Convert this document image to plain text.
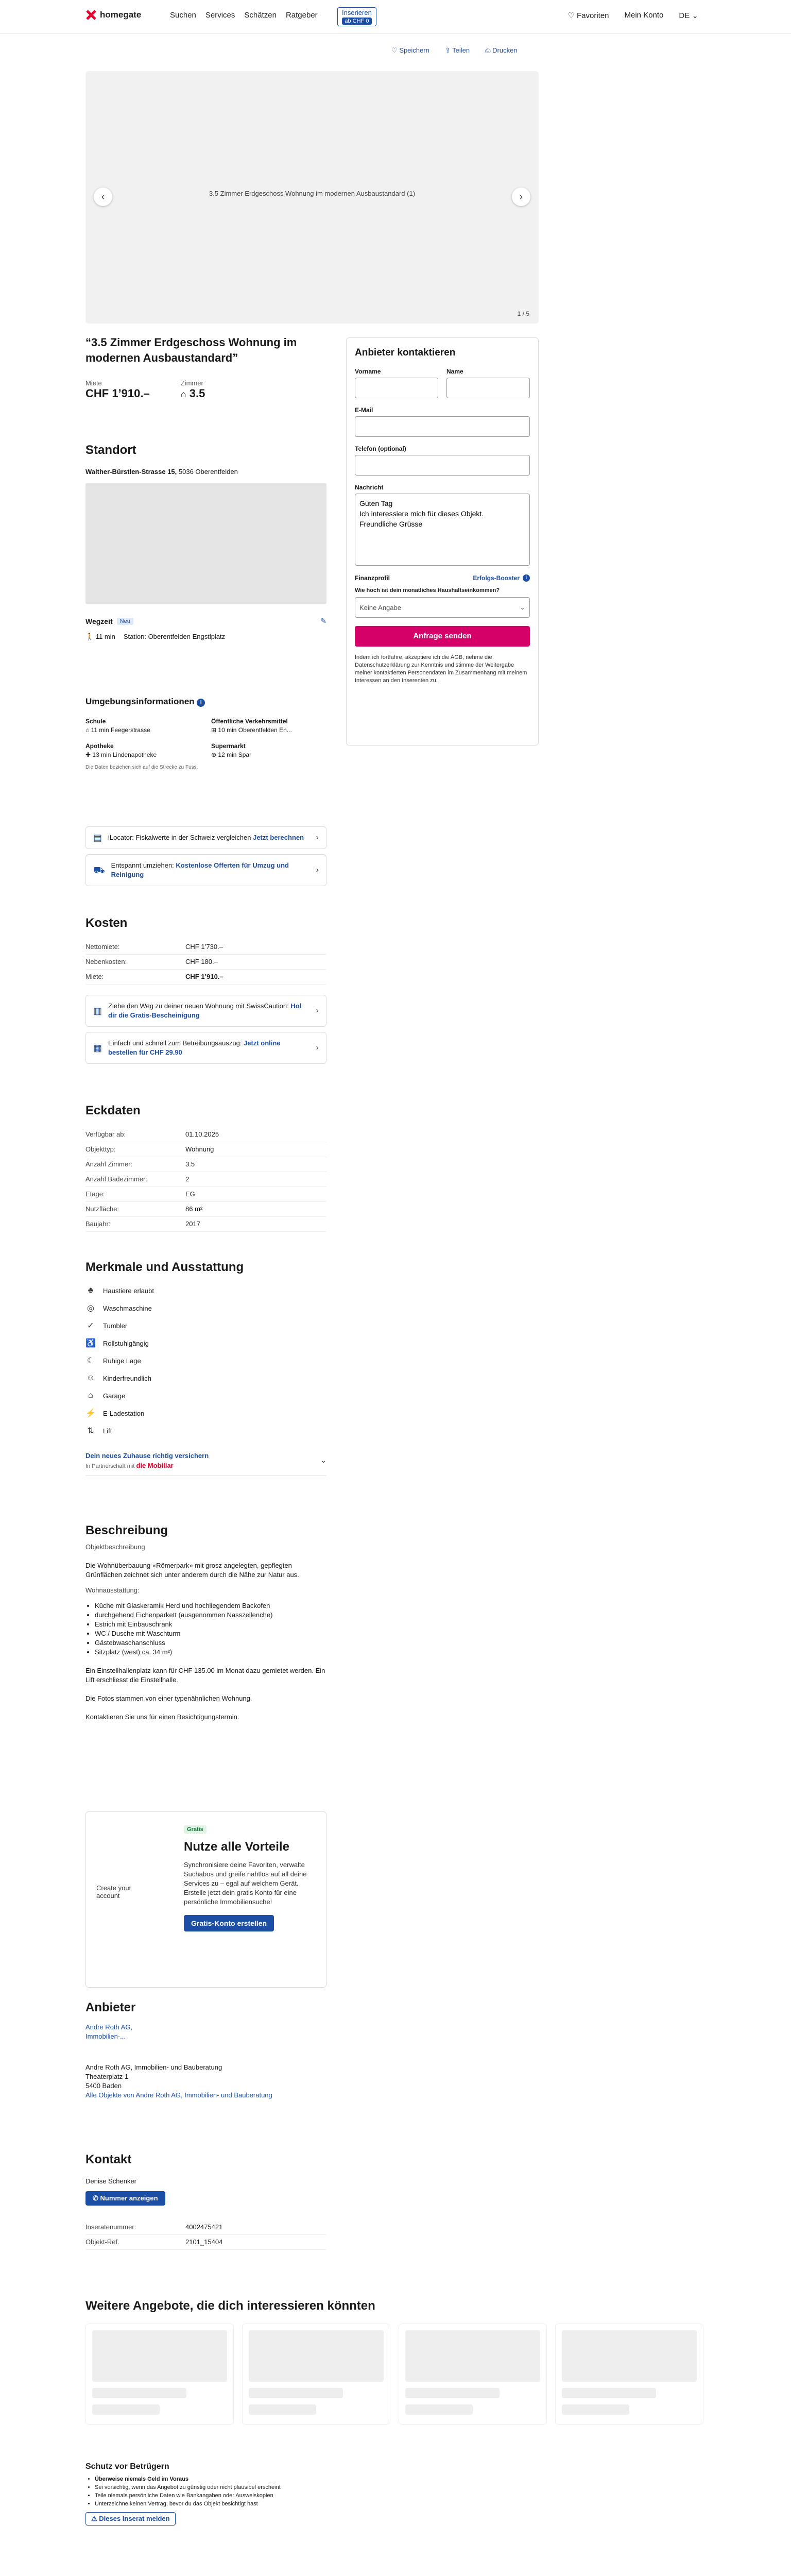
homegate	Suchen Services Schätzen Ratgeber	Inserieren
ab CHF 0
♡ Favoriten Mein Konto DE ⌄
♡ Speichern ⇪ Teilen ⎙ Drucken
3.5 Zimmer Erdgeschoss Wohnung im modernen Ausbaustandard (1)
‹	›
1 / 5
“3.5 Zimmer Erdgeschoss Wohnung im modernen Ausbaustandard”
Miete
CHF 1’910.–
Zimmer
⌂ 3.5
Standort
Walther-Bürstlen-Strasse 15, 5036 Oberentfelden
Wegzeit	Neu	✎
🚶 11 min Station: Oberentfelden Engstlplatz
Umgebungsinformationen i
Schule
⌂ 11 min Feegerstrasse
Öffentliche Verkehrsmittel
⊞ 10 min Oberentfelden En...
Apotheke
✚ 13 min Lindenapotheke
Supermarkt
⊕ 12 min Spar
Die Daten beziehen sich auf die Strecke zu Fuss.
▤ iLocator: Fiskalwerte in der Schweiz vergleichen Jetzt berechnen ›
⛟ Entspannt umziehen: Kostenlose Offerten für Umzug und Reinigung
›
Kosten
Nettomiete:	CHF 1’730.–
Nebenkosten:	CHF 180.–
Miete:	CHF 1’910.–
▥ Ziehe den Weg zu deiner neuen Wohnung mit SwissCaution: Hol dir die Gratis-Bescheinigung
›
▦ Einfach und schnell zum Betreibungsauszug: Jetzt online bestellen für CHF 29.90
›
Eckdaten
Verfügbar ab:	01.10.2025
Objekttyp:	Wohnung
Anzahl Zimmer:	3.5
Anzahl Badezimmer:	2
Etage:	EG
Nutzfläche:	86 m²
Baujahr:	2017
Merkmale und Ausstattung
♣	Haustiere erlaubt
◎ Waschmaschine
✓ Tumbler
♿ Rollstuhlgängig
☾ Ruhige Lage
☺ Kinderfreundlich
⌂	Garage
⚡ E-Ladestation
⇅ Lift
Dein neues Zuhause richtig versichern
In Partnerschaft mit die Mobiliar
⌄
Beschreibung
Objektbeschreibung

Die Wohnüberbauung «Römerpark» mit grosz angelegten, gepflegten Grünflächen zeichnet sich unter anderem durch die Nähe zur Natur aus.

Wohnausstattung:

• Küche mit Glaskeramik Herd und hochliegendem Backofen
• durchgehend Eichenparkett (ausgenommen Nasszellenche)
• Estrich mit Einbauschrank
• WC / Dusche mit Waschturm
• Gästebwaschanschluss
• Sitzplatz (west) ca. 34 m²)

Ein Einstellhallenplatz kann für CHF 135.00 im Monat dazu gemietet werden. Ein Lift erschliesst die Einstellhalle.

Die Fotos stammen von einer typenähnlichen Wohnung.

Kontaktieren Sie uns für einen Besichtigungstermin.

Create your account
Gratis
Nutze alle Vorteile

Synchronisiere deine Favoriten, verwalte Suchabos und greife nahtlos auf all deine Services zu – egal auf welchem Gerät. Erstelle jetzt dein gratis Konto für eine persönliche Immobiliensuche!

Gratis-Konto erstellen
Anbieter
Andre Roth AG, Immobilien-...
Andre Roth AG, Immobilien- und Bauberatung
Theaterplatz 1
5400 Baden
Alle Objekte von Andre Roth AG, Immobilien- und Bauberatung
Kontakt
Denise Schenker
✆ Nummer anzeigen
Inseratenummer:	4002475421
Objekt-Ref.	2101_15404
Weitere Angebote, die dich interessieren könnten
Schutz vor Betrügern
• Überweise niemals Geld im Voraus
• Sei vorsichtig, wenn das Angebot zu günstig oder nicht plausibel erscheint
• Teile niemals persönliche Daten wie Bankangaben oder Ausweiskopien
• Unterzeichne keinen Vertrag, bevor du das Objekt besichtigt hast
⚠ Dieses Inserat melden

Anbieter kontaktieren
Vorname	Name
E-Mail
Telefon (optional)
Nachricht
Guten Tag Ich interessiere mich für dieses Objekt. Freundliche Grüsse
Finanzprofil	Erfolgs-Booster	i
Wie hoch ist dein monatliches Haushaltseinkommen?
Keine Angabe	⌄
Anfrage senden

Indem ich fortfahre, akzeptiere ich die AGB, nehme die Datenschutzerklärung zur Kenntnis und stimme der Weitergabe meiner kontaktierten Personendaten im Zusammenhang mit meinem Interessen an den Inserenten zu.
